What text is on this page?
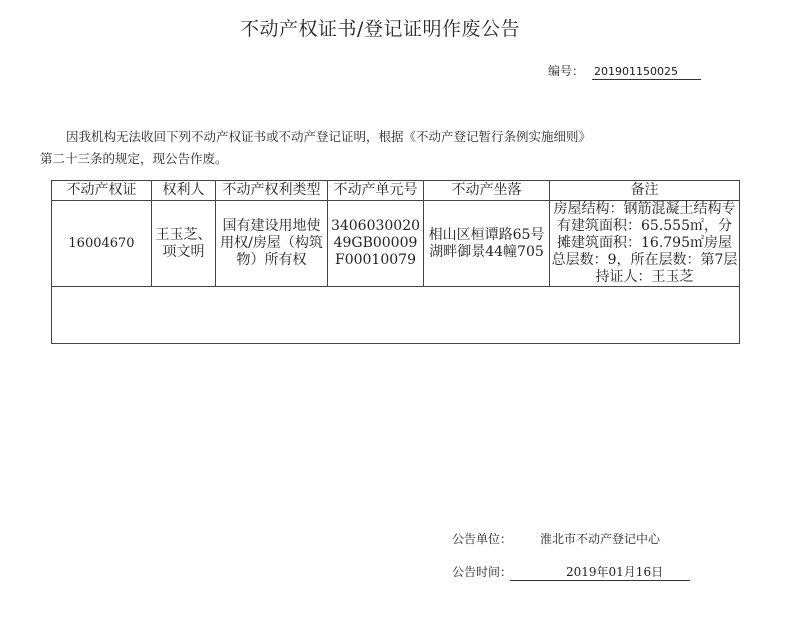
不动产权证书/登记证明作废公告
编号： 201901150025
因我机构无法收回下列不动产权证书或不动产登记证明，根据《不动产登记暂行条例实施细则》
第二十三条的规定，现公告作废。
不动产权证	权利人	不动产权利类型	不动产单元号	不动产坐落	备注
16004670	王玉芝、项文明	国有建设用地使用权/房屋（构筑物）所有权	340603002049GB00009F00010079	相山区桓谭路65号湖畔御景44幢705	房屋结构：钢筋混凝土结构专有建筑面积：65.555㎡，分摊建筑面积：16.795㎡房屋总层数：9，所在层数：第7层持证人：王玉芝

公告单位： 淮北市不动产登记中心
公告时间：	2019年01月16日
